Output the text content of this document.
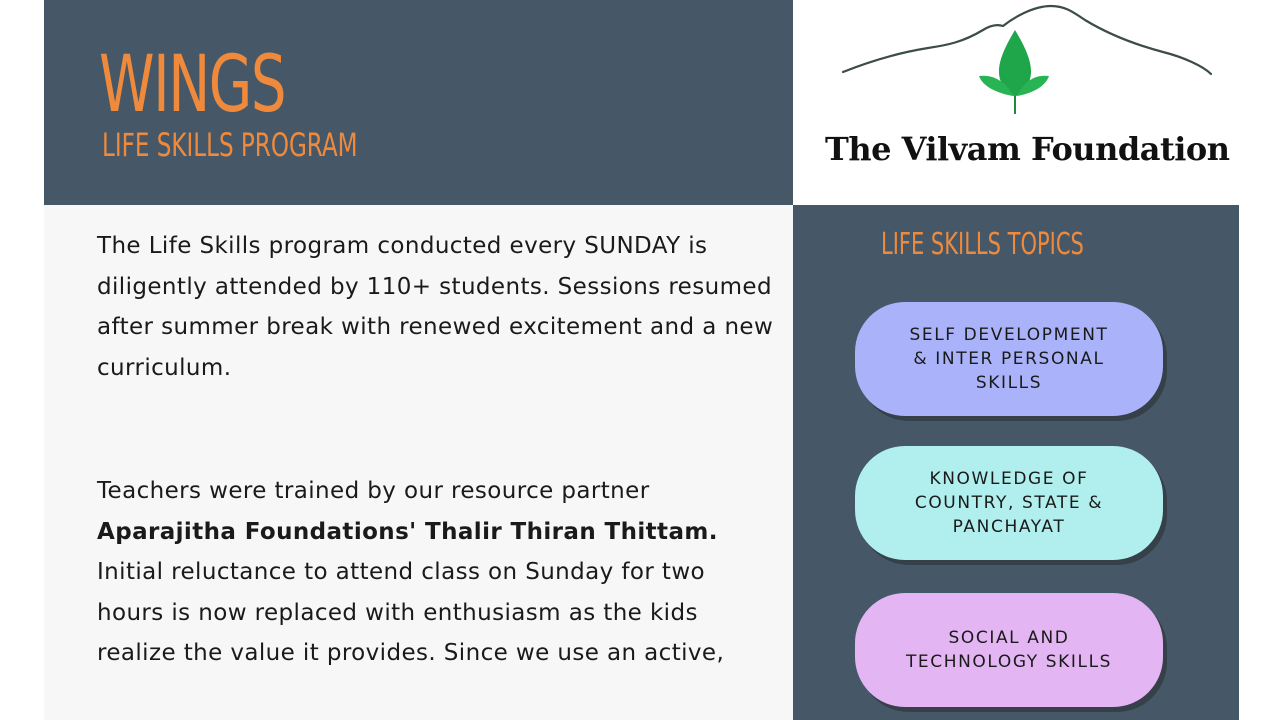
WINGS
LIFE SKILLS PROGRAM	The Vilvam Foundation

The Life Skills program conducted every SUNDAY is diligently attended by 110+ students. Sessions resumed after summer break with renewed excitement and a new curriculum.

Teachers were trained by our resource partner Aparajitha Foundations' Thalir Thiran Thittam.  Initial reluctance to attend class on Sunday for two hours is now replaced with enthusiasm as the kids realize the value it provides. Since we use an active,

LIFE SKILLS TOPICS
SELF DEVELOPMENT
& INTER PERSONAL
SKILLS
KNOWLEDGE OF
COUNTRY, STATE &
PANCHAYAT
SOCIAL AND
TECHNOLOGY SKILLS
